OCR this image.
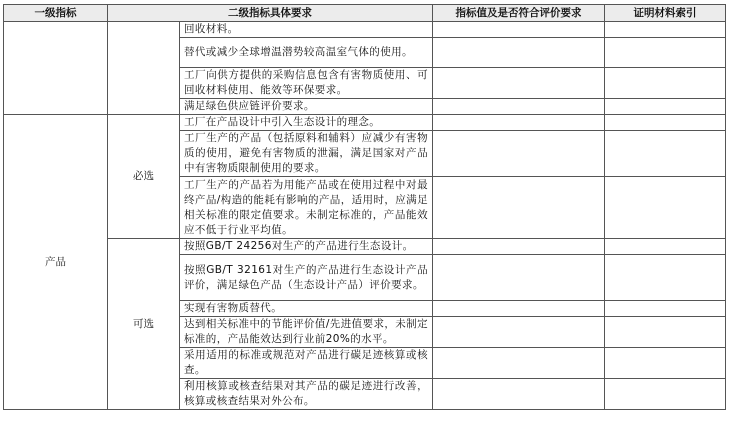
一级指标	二级指标具体要求		指标值及是否符合评价要求	证明材料索引
		回收材料。		
		替代或减少全球增温潜势较高温室气体的使用。		
		工厂向供方提供的采购信息包含有害物质使用、可回收材料使用、能效等环保要求。		
		满足绿色供应链评价要求。		
产品	必选	工厂在产品设计中引入生态设计的理念。		
		工厂生产的产品（包括原料和辅料）应减少有害物质的使用，避免有害物质的泄漏，满足国家对产品中有害物质限制使用的要求。		
		工厂生产的产品若为用能产品或在使用过程中对最终产品/构造的能耗有影响的产品，适用时，应满足相关标准的限定值要求。未制定标准的，产品能效应不低于行业平均值。		
	可选	按照GB/T 24256对生产的产品进行生态设计。		
		按照GB/T 32161对生产的产品进行生态设计产品评价，满足绿色产品（生态设计产品）评价要求。		
		实现有害物质替代。		
		达到相关标准中的节能评价值/先进值要求，未制定标准的，产品能效达到行业前20%的水平。		
		采用适用的标准或规范对产品进行碳足迹核算或核查。		
		利用核算或核查结果对其产品的碳足迹进行改善，核算或核查结果对外公布。		
